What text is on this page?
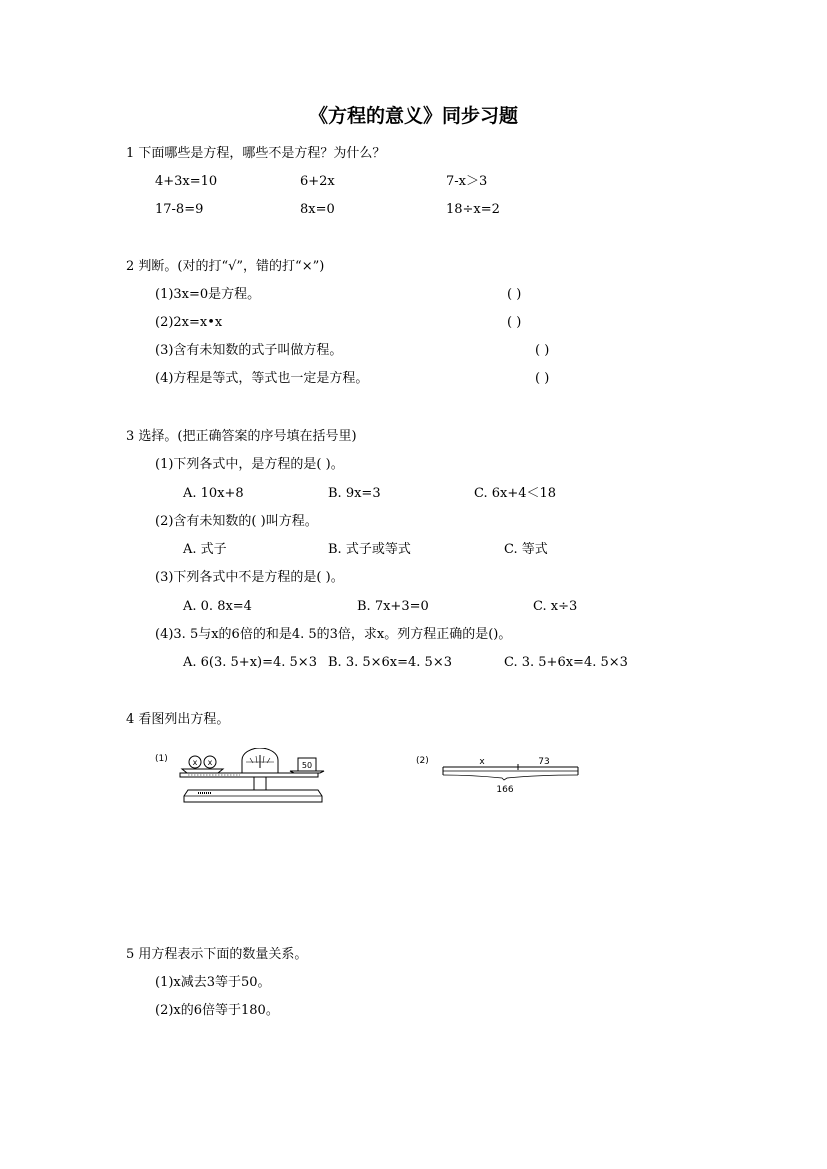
《方程的意义》同步习题
1 下面哪些是方程，哪些不是方程？为什么？
4+3x=10	6+2x	7-x＞3
17-8=9	8x=0	18÷x=2
2 判断。(对的打“√”，错的打“×”)
(1)3x=0是方程。	( )
(2)2x=x•x	( )
(3)含有未知数的式子叫做方程。	( )
(4)方程是等式，等式也一定是方程。	( )
3 选择。(把正确答案的序号填在括号里)
(1)下列各式中，是方程的是( )。
A. 10x+8	B. 9x=3	C. 6x+4＜18
(2)含有未知数的( )叫方程。
A. 式子	B. 式子或等式	C. 等式
(3)下列各式中不是方程的是( )。
A. 0. 8x=4	B. 7x+3=0	C. x÷3
(4)3. 5与x的6倍的和是4. 5的3倍，求x。列方程正确的是()。
A. 6(3. 5+x)=4. 5×3 B. 3. 5×6x=4. 5×3	C. 3. 5+6x=4. 5×3
4 看图列出方程。
(1)	x x	50	(2)	x	73
166
5 用方程表示下面的数量关系。
(1)x减去3等于50。
(2)x的6倍等于180。
